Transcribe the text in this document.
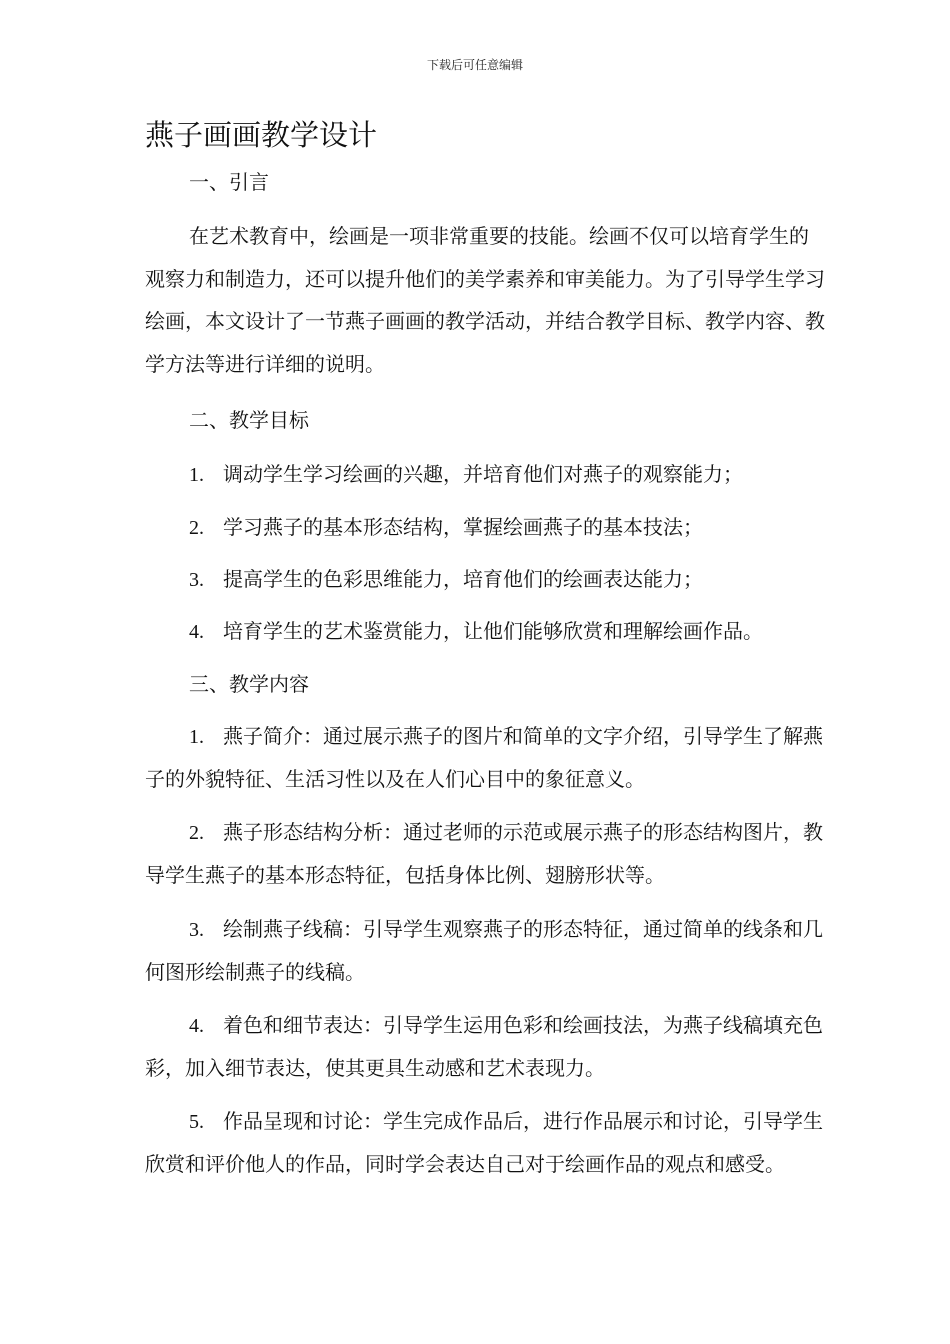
下载后可任意编辑
燕子画画教学设计

一、引言

在艺术教育中，绘画是一项非常重要的技能。绘画不仅可以培育学生的观察力和制造力，还可以提升他们的美学素养和审美能力。为了引导学生学习绘画，本文设计了一节燕子画画的教学活动，并结合教学目标、教学内容、教学方法等进行详细的说明。

二、教学目标

1. 调动学生学习绘画的兴趣，并培育他们对燕子的观察能力；

2. 学习燕子的基本形态结构，掌握绘画燕子的基本技法；

3. 提高学生的色彩思维能力，培育他们的绘画表达能力；

4. 培育学生的艺术鉴赏能力，让他们能够欣赏和理解绘画作品。

三、教学内容

1. 燕子简介：通过展示燕子的图片和简单的文字介绍，引导学生了解燕子的外貌特征、生活习性以及在人们心目中的象征意义。

2. 燕子形态结构分析：通过老师的示范或展示燕子的形态结构图片，教导学生燕子的基本形态特征，包括身体比例、翅膀形状等。

3. 绘制燕子线稿：引导学生观察燕子的形态特征，通过简单的线条和几何图形绘制燕子的线稿。

4. 着色和细节表达：引导学生运用色彩和绘画技法，为燕子线稿填充色彩，加入细节表达，使其更具生动感和艺术表现力。

5. 作品呈现和讨论：学生完成作品后，进行作品展示和讨论，引导学生欣赏和评价他人的作品，同时学会表达自己对于绘画作品的观点和感受。
